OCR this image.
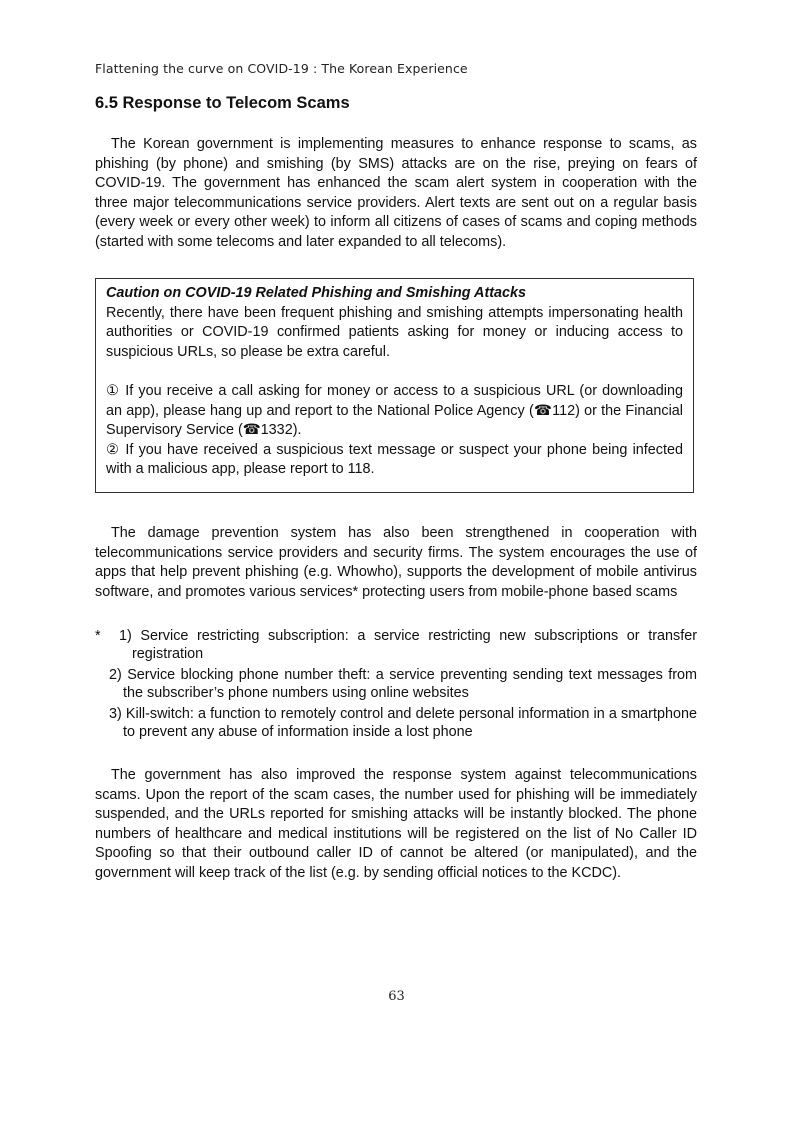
Flattening the curve on COVID-19 : The Korean Experience
6.5 Response to Telecom Scams

The Korean government is implementing measures to enhance response to scams, as phishing (by phone) and smishing (by SMS) attacks are on the rise, preying on fears of COVID-19. The government has enhanced the scam alert system in cooperation with the three major telecommunications service providers. Alert texts are sent out on a regular basis (every week or every other week) to inform all citizens of cases of scams and coping methods (started with some telecoms and later expanded to all telecoms).

Caution on COVID-19 Related Phishing and Smishing Attacks

Recently, there have been frequent phishing and smishing attempts impersonating health authorities or COVID-19 confirmed patients asking for money or inducing access to suspicious URLs, so please be extra careful.

① If you receive a call asking for money or access to a suspicious URL (or downloading an app), please hang up and report to the National Police Agency (☎112) or the Financial Supervisory Service (☎1332).

② If you have received a suspicious text message or suspect your phone being infected with a malicious app, please report to 118.

The damage prevention system has also been strengthened in cooperation with telecommunications service providers and security firms. The system encourages the use of apps that help prevent phishing (e.g. Whowho), supports the development of mobile antivirus software, and promotes various services* protecting users from mobile-phone based scams

* 1) Service restricting subscription: a service restricting new subscriptions or transfer registration
2) Service blocking phone number theft: a service preventing sending text messages from the subscriber’s phone numbers using online websites
3) Kill-switch: a function to remotely control and delete personal information in a smartphone to prevent any abuse of information inside a lost phone

The government has also improved the response system against telecommunications scams. Upon the report of the scam cases, the number used for phishing will be immediately suspended, and the URLs reported for smishing attacks will be instantly blocked. The phone numbers of healthcare and medical institutions will be registered on the list of No Caller ID Spoofing so that their outbound caller ID of cannot be altered (or manipulated), and the government will keep track of the list (e.g. by sending official notices to the KCDC).

63
